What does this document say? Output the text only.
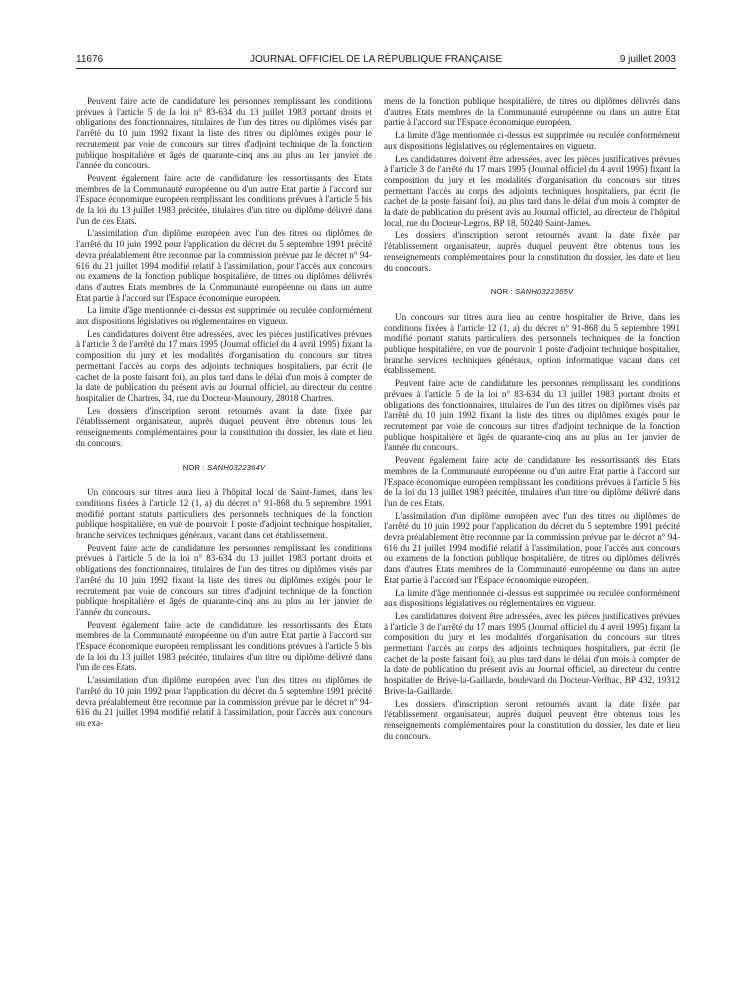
11676	JOURNAL OFFICIEL DE LA RÉPUBLIQUE FRANÇAISE	9 juillet 2003

Peuvent faire acte de candidature les personnes remplissant les conditions prévues à l'article 5 de la loi n° 83-634 du 13 juillet 1983 portant droits et obligations des fonctionnaires, titulaires de l'un des titres ou diplômes visés par l'arrêté du 10 juin 1992 fixant la liste des titres ou diplômes exigés pour le recrutement par voie de concours sur titres d'adjoint technique de la fonction publique hospitalière et âgés de quarante-cinq ans au plus au 1er janvier de l'année du concours.

Peuvent également faire acte de candidature les ressortissants des Etats membres de la Communauté européenne ou d'un autre Etat partie à l'accord sur l'Espace économique européen remplissant les conditions prévues à l'article 5 bis de la loi du 13 juillet 1983 précitée, titulaires d'un titre ou diplôme délivré dans l'un de ces Etats.

L'assimilation d'un diplôme européen avec l'un des titres ou diplômes de l'arrêté du 10 juin 1992 pour l'application du décret du 5 septembre 1991 précité devra préalablement être reconnue par la commission prévue par le décret n° 94-616 du 21 juillet 1994 modifié relatif à l'assimilation, pour l'accès aux concours ou examens de la fonction publique hospitalière, de titres ou diplômes délivrés dans d'autres Etats membres de la Communauté européenne ou dans un autre Etat partie à l'accord sur l'Espace économique européen.

La limite d'âge mentionnée ci-dessus est supprimée ou reculée conformément aux dispositions législatives ou réglementaires en vigueur.

Les candidatures doivent être adressées, avec les pièces justificatives prévues à l'article 3 de l'arrêté du 17 mars 1995 (Journal officiel du 4 avril 1995) fixant la composition du jury et les modalités d'organisation du concours sur titres permettant l'accès au corps des adjoints techniques hospitaliers, par écrit (le cachet de la poste faisant foi), au plus tard dans le délai d'un mois à compter de la date de publication du présent avis au Journal officiel, au directeur du centre hospitalier de Chartres, 34, rue du Docteur-Maunoury, 28018 Chartres.

Les dossiers d'inscription seront retournés avant la date fixée par l'établissement organisateur, auprès duquel peuvent être obtenus tous les renseignements complémentaires pour la constitution du dossier, les date et lieu du concours.

NOR : SANH0322364V

Un concours sur titres aura lieu à l'hôpital local de Saint-James, dans les conditions fixées à l'article 12 (1, a) du décret n° 91-868 du 5 septembre 1991 modifié portant statuts particuliers des personnels techniques de la fonction publique hospitalière, en vue de pourvoir 1 poste d'adjoint technique hospitalier, branche services techniques généraux, vacant dans cet établissement.

Peuvent faire acte de candidature les personnes remplissant les conditions prévues à l'article 5 de la loi n° 83-634 du 13 juillet 1983 portant droits et obligations des fonctionnaires, titulaires de l'un des titres ou diplômes visés par l'arrêté du 10 juin 1992 fixant la liste des titres ou diplômes exigés pour le recrutement par voie de concours sur titres d'adjoint technique de la fonction publique hospitalière et âgés de quarante-cinq ans au plus au 1er janvier de l'année du concours.

Peuvent également faire acte de candidature les ressortissants des Etats membres de la Communauté européenne ou d'un autre Etat partie à l'accord sur l'Espace économique européen remplissant les conditions prévues à l'article 5 bis de la loi du 13 juillet 1983 précitée, titulaires d'un titre ou diplôme délivré dans l'un de ces Etats.

L'assimilation d'un diplôme européen avec l'un des titres ou diplômes de l'arrêté du 10 juin 1992 pour l'application du décret du 5 septembre 1991 précité devra préalablement être reconnue par la commission prévue par le décret n° 94-616 du 21 juillet 1994 modifié relatif à l'assimilation, pour l'accès aux concours ou exa-

mens de la fonction publique hospitalière, de titres ou diplômes délivrés dans d'autres Etats membres de la Communauté européenne ou dans un autre Etat partie à l'accord sur l'Espace économique européen.

La limite d'âge mentionnée ci-dessus est supprimée ou reculée conformément aux dispositions législatives ou réglementaires en vigueur.

Les candidatures doivent être adressées, avec les pièces justificatives prévues à l'article 3 de l'arrêté du 17 mars 1995 (Journal officiel du 4 avril 1995) fixant la composition du jury et les modalités d'organisation du concours sur titres permettant l'accès au corps des adjoints techniques hospitaliers, par écrit (le cachet de la poste faisant foi), au plus tard dans le délai d'un mois à compter de la date de publication du présent avis au Journal officiel, au directeur de l'hôpital local, rue du Docteur-Legros, BP 18, 50240 Saint-James.

Les dossiers d'inscription seront retournés avant la date fixée par l'établissement organisateur, auprès duquel peuvent être obtenus tous les renseignements complémentaires pour la constitution du dossier, les date et lieu du concours.

NOR : SANH0322365V

Un concours sur titres aura lieu au centre hospitalier de Brive, dans les conditions fixées à l'article 12 (1, a) du décret n° 91-868 du 5 septembre 1991 modifié portant statuts particuliers des personnels techniques de la fonction publique hospitalière, en vue de pourvoir 1 poste d'adjoint technique hospitalier, branche services techniques généraux, option informatique vacant dans cet établissement.

Peuvent faire acte de candidature les personnes remplissant les conditions prévues à l'article 5 de la loi n° 83-634 du 13 juillet 1983 portant droits et obligations des fonctionnaires, titulaires de l'un des titres ou diplômes visés par l'arrêté du 10 juin 1992 fixant la liste des titres ou diplômes exigés pour le recrutement par voie de concours sur titres d'adjoint technique de la fonction publique hospitalière et âgés de quarante-cinq ans au plus au 1er janvier de l'année du concours.

Peuvent également faire acte de candidature les ressortissants des Etats membres de la Communauté européenne ou d'un autre Etat partie à l'accord sur l'Espace économique européen remplissant les conditions prévues à l'article 5 bis de la loi du 13 juillet 1983 précitée, titulaires d'un titre ou diplôme délivré dans l'un de ces Etats.

L'assimilation d'un diplôme européen avec l'un des titres ou diplômes de l'arrêté du 10 juin 1992 pour l'application du décret du 5 septembre 1991 précité devra préalablement être reconnue par la commission prévue par le décret n° 94-616 du 21 juillet 1994 modifié relatif à l'assimilation, pour l'accès aux concours ou examens de la fonction publique hospitalière, de titres ou diplômes délivrés dans d'autres Etats membres de la Communauté européenne ou dans un autre Etat partie à l'accord sur l'Espace économique européen.

La limite d'âge mentionnée ci-dessus est supprimée ou reculée conformément aux dispositions législatives ou réglementaires en vigueur.

Les candidatures doivent être adressées, avec les pièces justificatives prévues à l'article 3 de l'arrêté du 17 mars 1995 (Journal officiel du 4 avril 1995) fixant la composition du jury et les modalités d'organisation du concours sur titres permettant l'accès au corps des adjoints techniques hospitaliers, par écrit (le cachet de la poste faisant foi), au plus tard dans le délai d'un mois à compter de la date de publication du présent avis au Journal officiel, au directeur du centre hospitalier de Brive-la-Gaillarde, boulevard du Docteur-Verlhac, BP 432, 19312 Brive-la-Gaillarde.

Les dossiers d'inscription seront retournés avant la date fixée par l'établissement organisateur, auprès duquel peuvent être obtenus tous les renseignements complémentaires pour la constitution du dossier, les date et lieu du concours.
